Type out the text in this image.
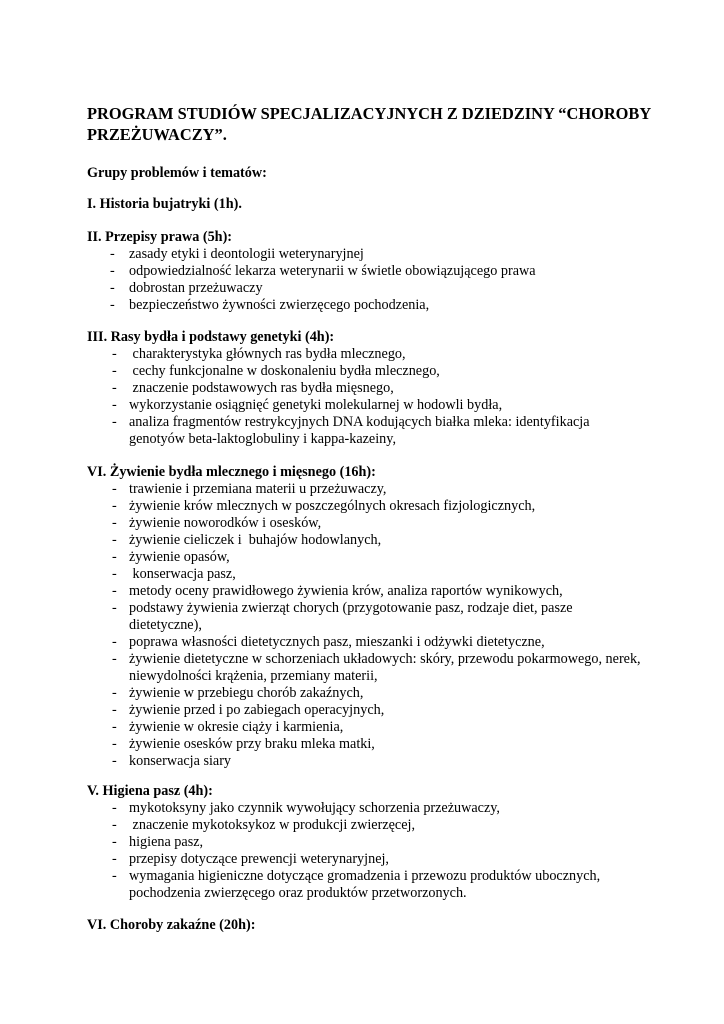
PROGRAM STUDIÓW SPECJALIZACYJNYCH Z DZIEDZINY “CHOROBY PRZEŻUWACZY”.

Grupy problemów i tematów:

I. Historia bujatryki (1h).
II. Przepisy prawa (5h):
- zasady etyki i deontologii weterynaryjnej
- odpowiedzialność lekarza weterynarii w świetle obowiązującego prawa
- dobrostan przeżuwaczy
- bezpieczeństwo żywności zwierzęcego pochodzenia,
III. Rasy bydła i podstawy genetyki (4h):
- charakterystyka głównych ras bydła mlecznego,
- cechy funkcjonalne w doskonaleniu bydła mlecznego,
- znaczenie podstawowych ras bydła mięsnego,
- wykorzystanie osiągnięć genetyki molekularnej w hodowli bydła,
- analiza fragmentów restrykcyjnych DNA kodujących białka mleka: identyfikacja genotyów beta-laktoglobuliny i kappa-kazeiny,
VI. Żywienie bydła mlecznego i mięsnego (16h):
- trawienie i przemiana materii u przeżuwaczy,
- żywienie krów mlecznych w poszczególnych okresach fizjologicznych,
- żywienie noworodków i osesków,
- żywienie cieliczek i  buhajów hodowlanych,
- żywienie opasów,
- konserwacja pasz,
- metody oceny prawidłowego żywienia krów, analiza raportów wynikowych,
- podstawy żywienia zwierząt chorych (przygotowanie pasz, rodzaje diet, pasze dietetyczne),
- poprawa własności dietetycznych pasz, mieszanki i odżywki dietetyczne,
- żywienie dietetyczne w schorzeniach układowych: skóry, przewodu pokarmowego, nerek, niewydolności krążenia, przemiany materii,
- żywienie w przebiegu chorób zakaźnych,
- żywienie przed i po zabiegach operacyjnych,
- żywienie w okresie ciąży i karmienia,
- żywienie osesków przy braku mleka matki,
- konserwacja siary
V. Higiena pasz (4h):
- mykotoksyny jako czynnik wywołujący schorzenia przeżuwaczy,
- znaczenie mykotoksykoz w produkcji zwierzęcej,
- higiena pasz,
- przepisy dotyczące prewencji weterynaryjnej,
- wymagania higieniczne dotyczące gromadzenia i przewozu produktów ubocznych, pochodzenia zwierzęcego oraz produktów przetworzonych.
VI. Choroby zakaźne (20h):
